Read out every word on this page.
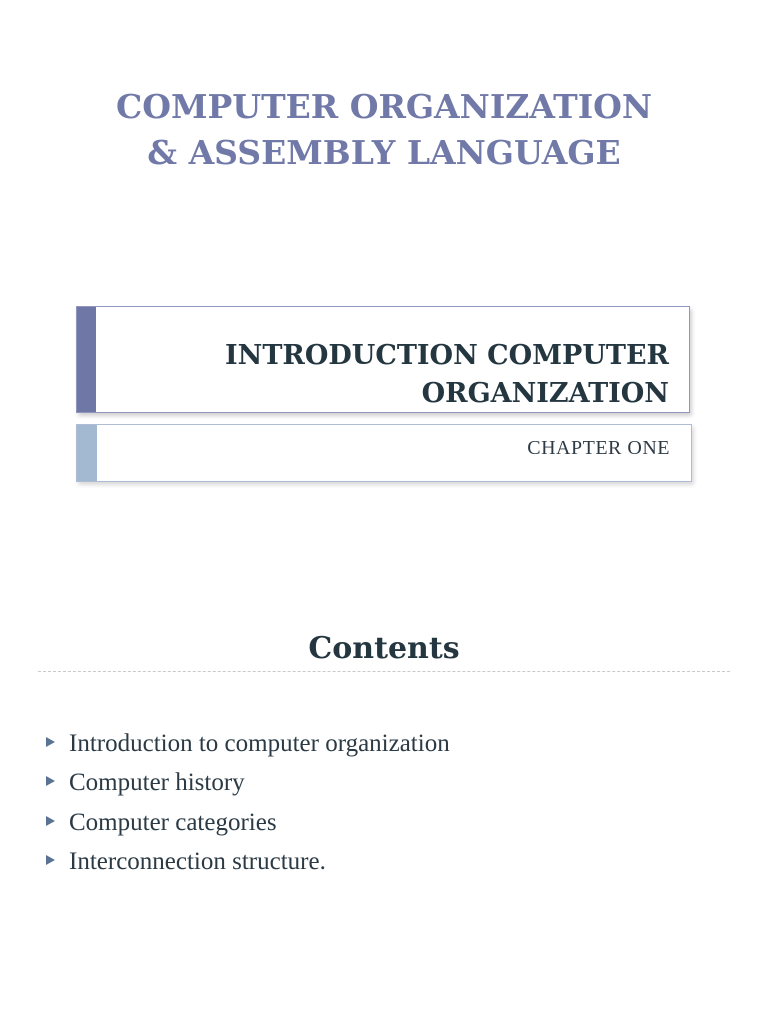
COMPUTER ORGANIZATION
& ASSEMBLY LANGUAGE
INTRODUCTION COMPUTER
ORGANIZATION
CHAPTER ONE
Contents
Introduction to computer organization
Computer history
Computer categories
Interconnection structure.
